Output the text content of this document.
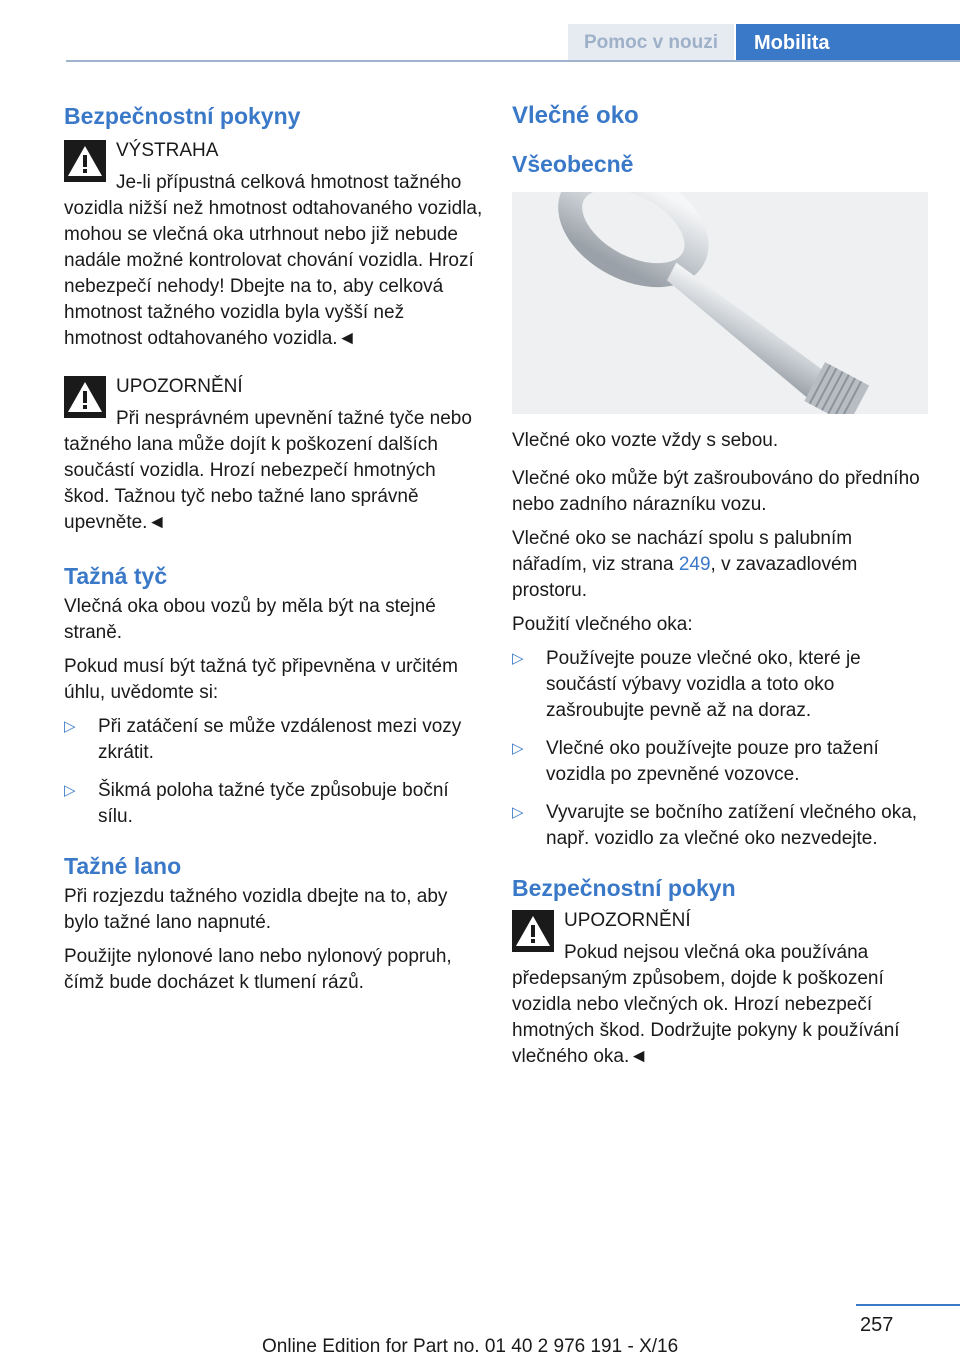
Pomoc v nouzi	Mobilita
Bezpečnostní pokyny

VÝSTRAHA

Je-li přípustná celková hmotnost tažného vozidla nižší než hmotnost odtahovaného vozidla, mohou se vlečná oka utrhnout nebo již nebude nadále možné kontrolovat chování vozidla. Hrozí nebezpečí nehody! Dbejte na to, aby celková hmotnost tažného vozidla byla vyšší než hmotnost odtahovaného vozidla.◄

UPOZORNĚNÍ

Při nesprávném upevnění tažné tyče nebo tažného lana může dojít k poškození dalších součástí vozidla. Hrozí nebezpečí hmotných škod. Tažnou tyč nebo tažné lano správně upevněte.◄

Tažná tyč

Vlečná oka obou vozů by měla být na stejné straně.

Pokud musí být tažná tyč připevněna v určitém úhlu, uvědomte si:

▷ Při zatáčení se může vzdálenost mezi vozy zkrátit.
▷ Šikmá poloha tažné tyče způsobuje boční sílu.
Tažné lano

Při rozjezdu tažného vozidla dbejte na to, aby bylo tažné lano napnuté.

Použijte nylonové lano nebo nylonový popruh, čímž bude docházet k tlumení rázů.

Vlečné oko
Všeobecně

Vlečné oko vozte vždy s sebou.

Vlečné oko může být zašroubováno do předního nebo zadního nárazníku vozu.

Vlečné oko se nachází spolu s palubním nářadím, viz strana 249, v zavazadlovém prostoru.

Použití vlečného oka:

▷ Používejte pouze vlečné oko, které je součástí výbavy vozidla a toto oko zašroubujte pevně až na doraz.
▷ Vlečné oko používejte pouze pro tažení vozidla po zpevněné vozovce.
▷ Vyvarujte se bočního zatížení vlečného oka, např. vozidlo za vlečné oko nezvedejte.
Bezpečnostní pokyn

UPOZORNĚNÍ

Pokud nejsou vlečná oka používána předepsaným způsobem, dojde k poškození vozidla nebo vlečných ok. Hrozí nebezpečí hmotných škod. Dodržujte pokyny k používání vlečného oka.◄

257
Online Edition for Part no. 01 40 2 976 191 - X/16
